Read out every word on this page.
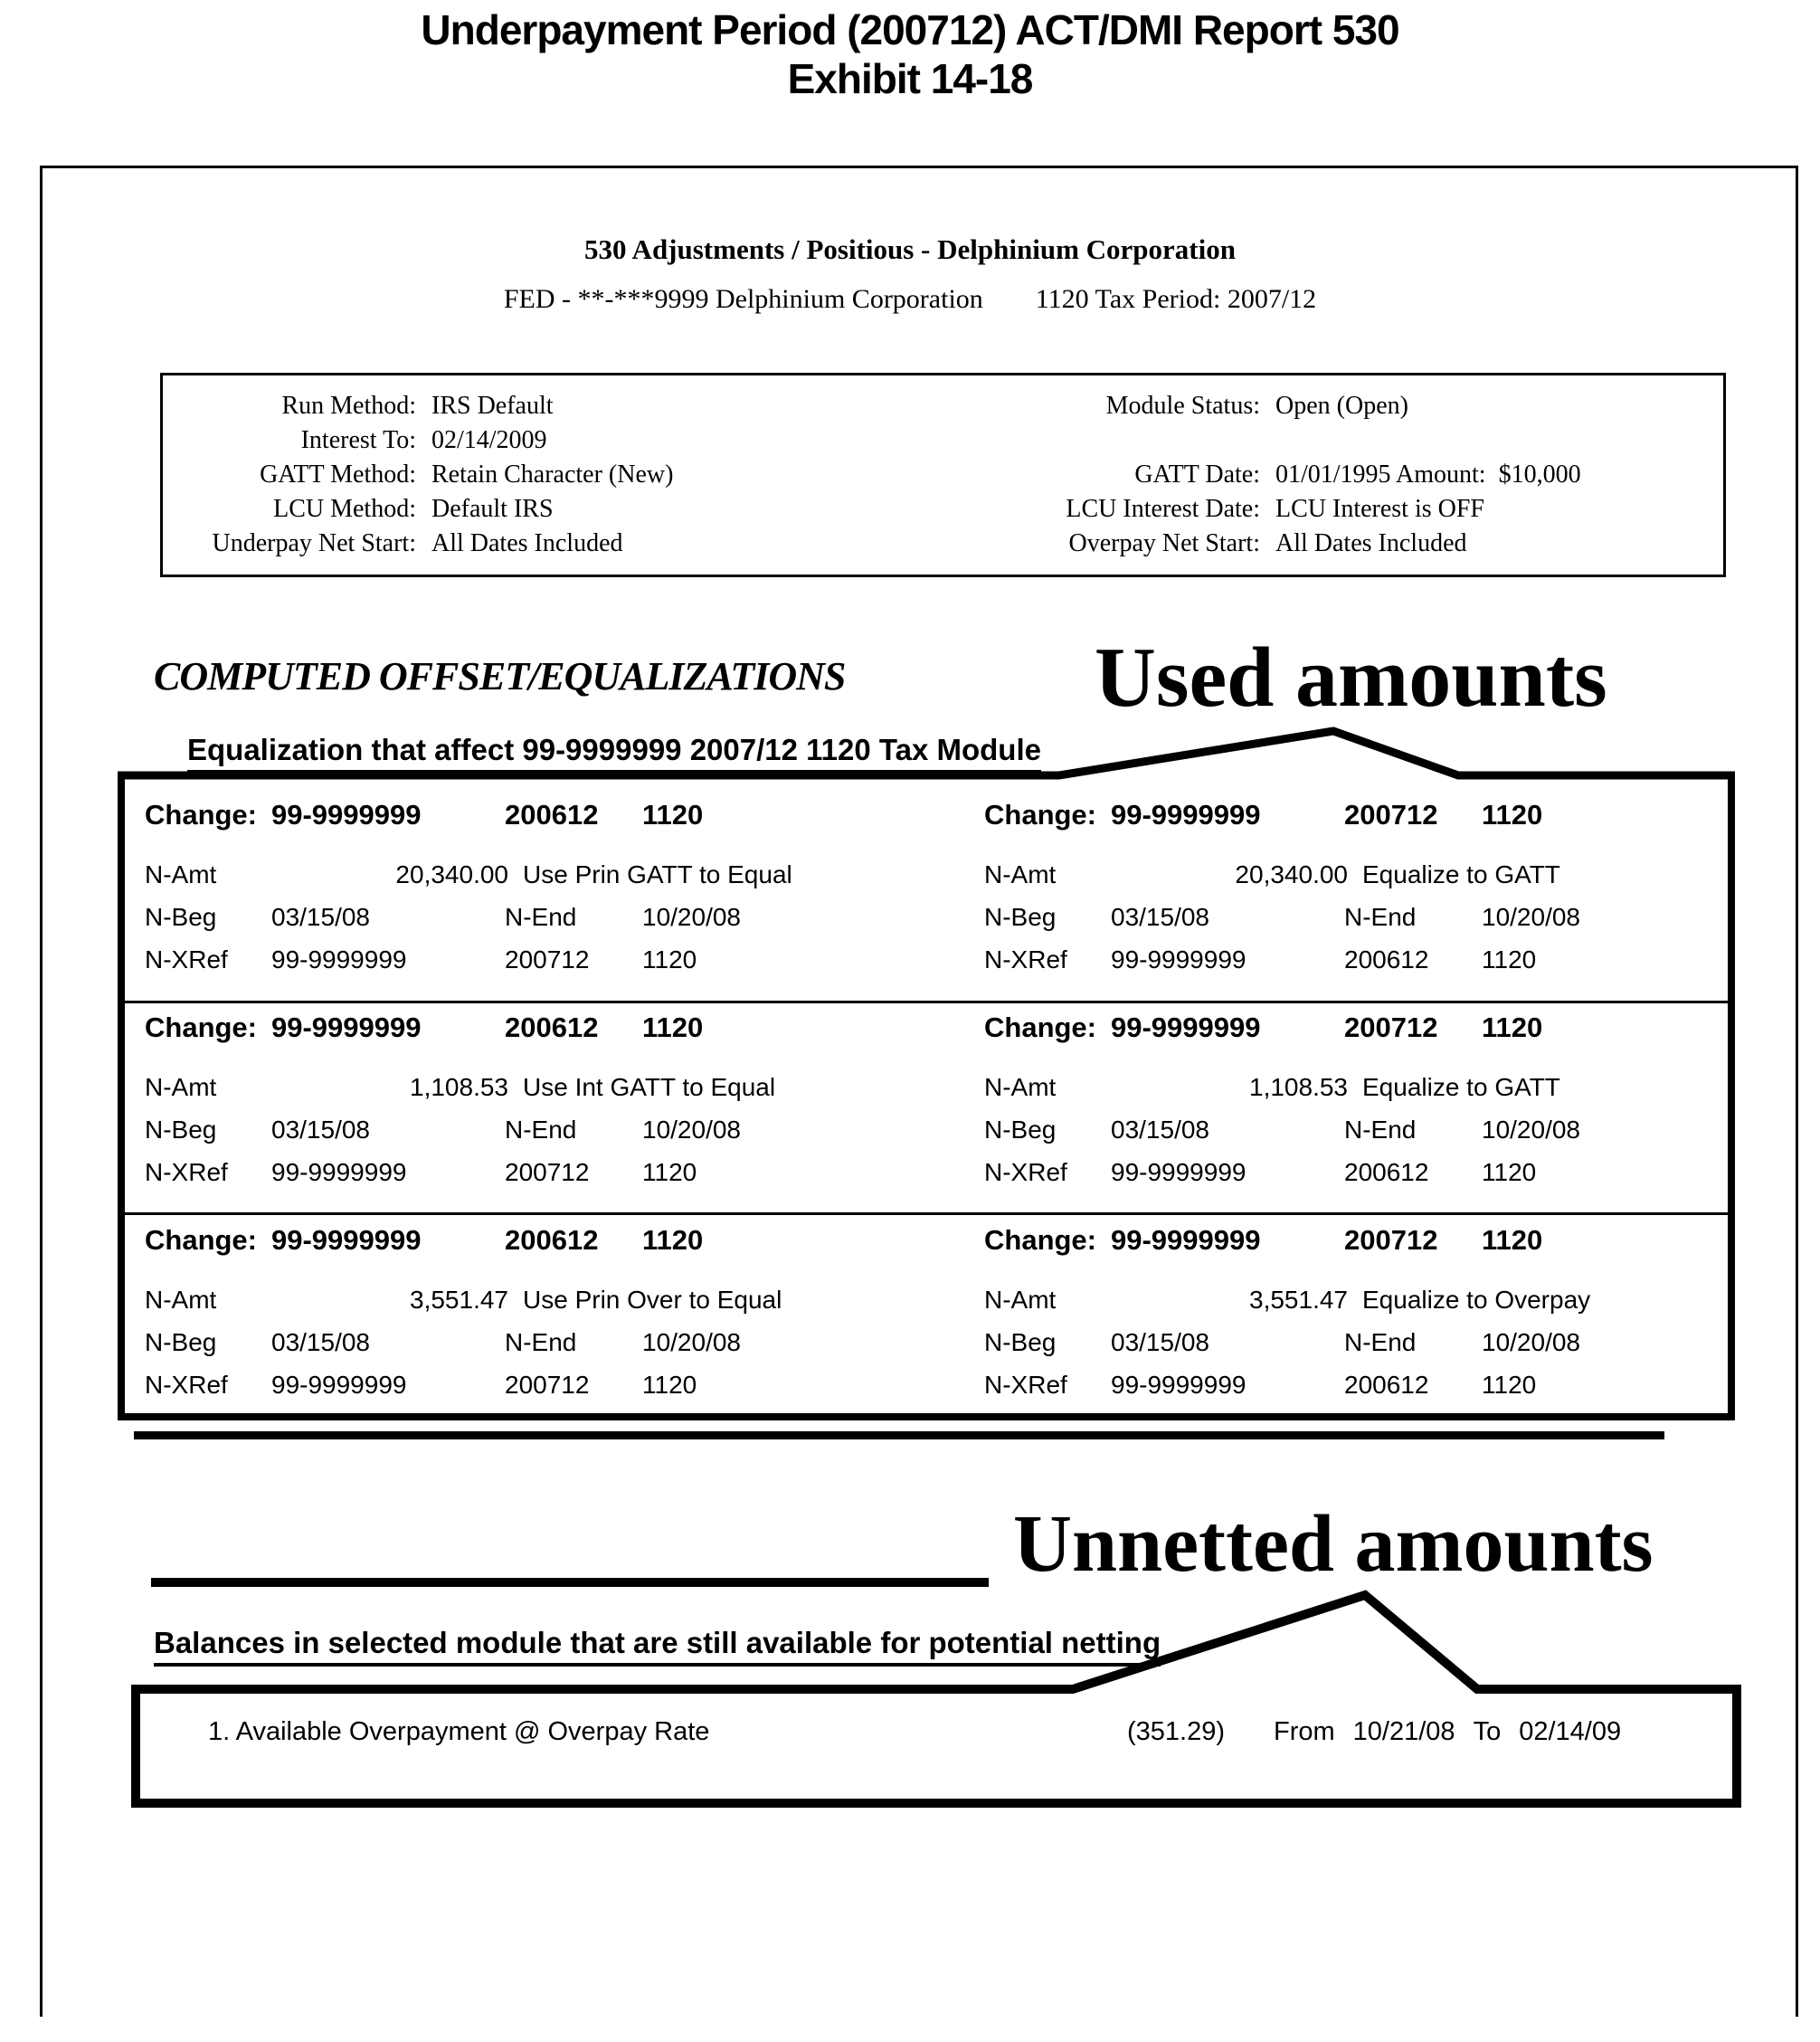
Underpayment Period (200712) ACT/DMI Report 530
Exhibit 14-18
530 Adjustments / Positious - Delphinium Corporation
FED - **-***9999 Delphinium Corporation 1120 Tax Period: 2007/12
Run Method: IRS Default
Interest To: 02/14/2009
GATT Method: Retain Character (New)
LCU Method: Default IRS
Underpay Net Start: All Dates Included
Module Status: Open (Open)
GATT Date: 01/01/1995 Amount:  $10,000
LCU Interest Date: LCU Interest is OFF
Overpay Net Start: All Dates Included
COMPUTED OFFSET/EQUALIZATIONS	Used amounts
Equalization that affect 99-9999999 2007/12 1120 Tax Module
Change: 99-9999999	200612 1120
N-Amt	20,340.00 Use Prin GATT to Equal
N-Beg 03/15/08	N-End	10/20/08
N-XRef 99-9999999	200712 1120
Change: 99-9999999	200712 1120
N-Amt	20,340.00 Equalize to GATT
N-Beg 03/15/08	N-End	10/20/08
N-XRef 99-9999999	200612 1120
Change: 99-9999999	200612 1120
N-Amt	1,108.53 Use Int GATT to Equal
N-Beg 03/15/08	N-End	10/20/08
N-XRef 99-9999999	200712 1120
Change: 99-9999999	200712 1120
N-Amt	1,108.53 Equalize to GATT
N-Beg 03/15/08	N-End	10/20/08
N-XRef 99-9999999	200612 1120
Change: 99-9999999	200612 1120
N-Amt	3,551.47 Use Prin Over to Equal
N-Beg 03/15/08	N-End	10/20/08
N-XRef 99-9999999	200712 1120
Change: 99-9999999	200712 1120
N-Amt	3,551.47 Equalize to Overpay
N-Beg 03/15/08	N-End	10/20/08
N-XRef 99-9999999	200612 1120
Unnetted amounts
Balances in selected module that are still available for potential netting
1. Available Overpayment @ Overpay Rate	(351.29) From 10/21/08 To 02/14/09
